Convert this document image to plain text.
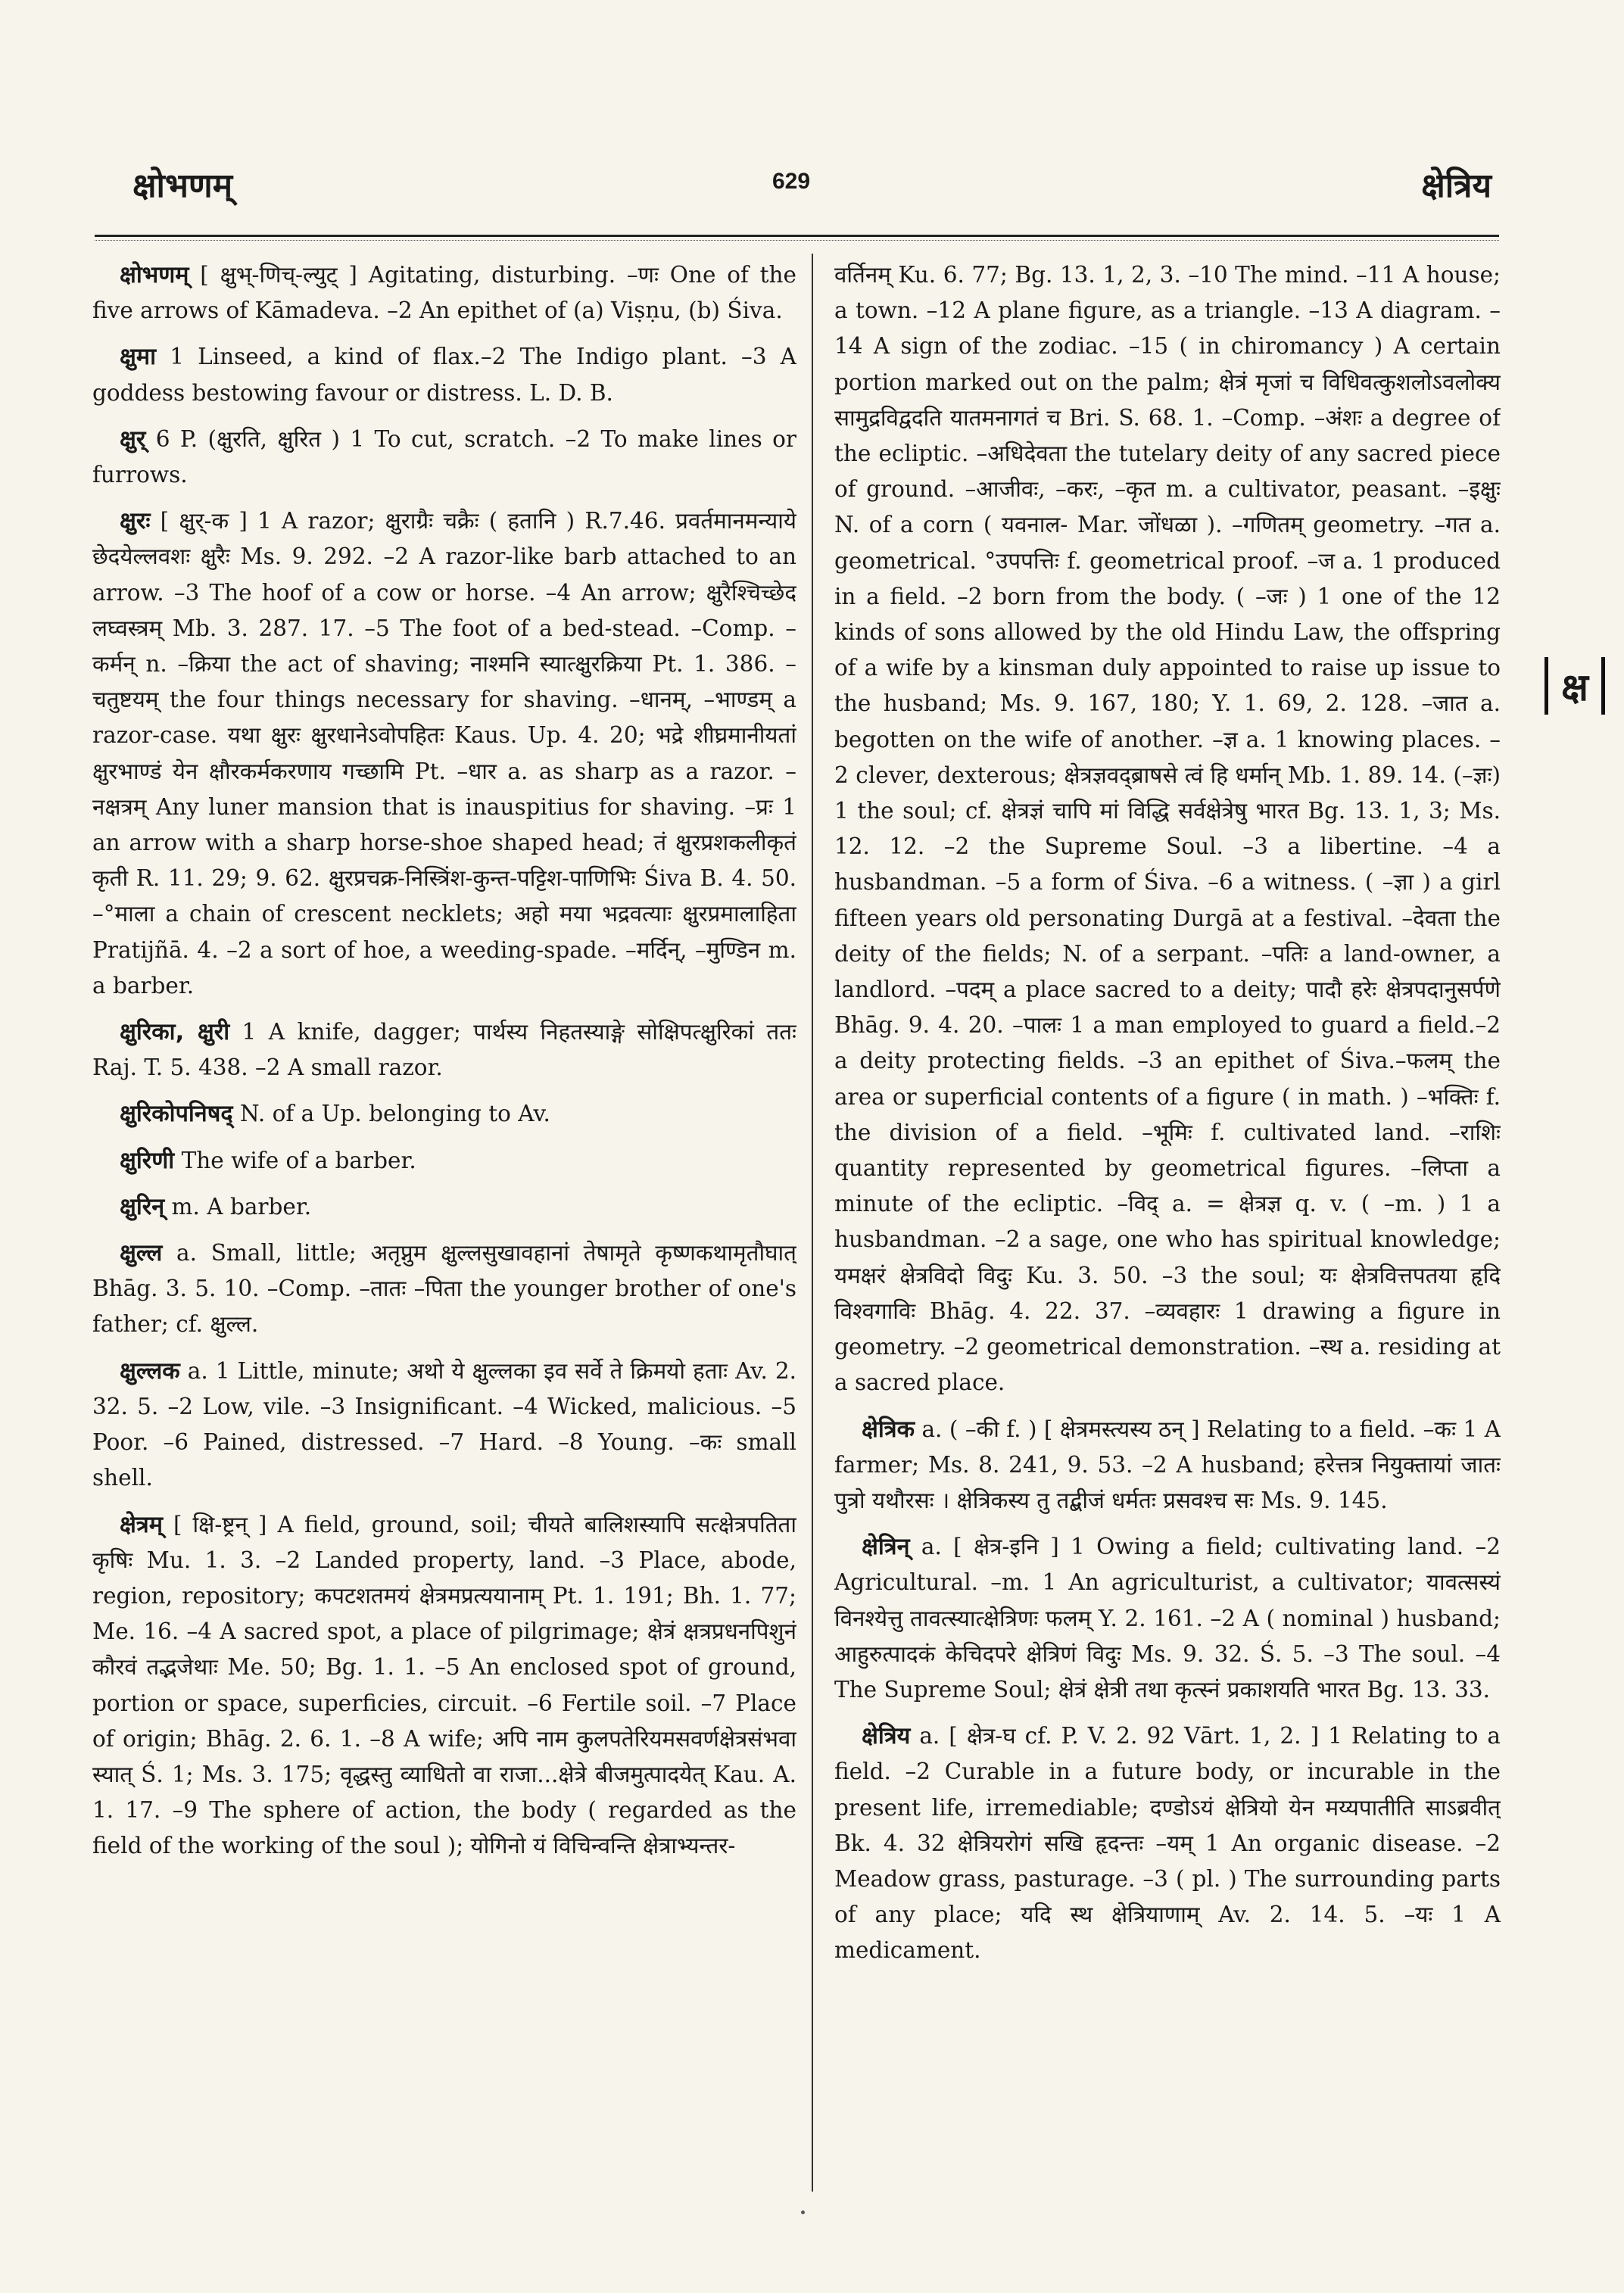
क्षोभणम्	629	क्षेत्रिय

क्षोभणम् [ क्षुभ्-णिच्-ल्युट् ] Agitating, disturbing. –णः One of the five arrows of Kāmadeva. –2 An epithet of (a) Viṣṇu, (b) Śiva.

क्षुमा 1 Linseed, a kind of flax.–2 The Indigo plant. –3 A goddess bestowing favour or distress. L. D. B.

क्षुर् 6 P. (क्षुरति, क्षुरित ) 1 To cut, scratch. –2 To make lines or furrows.

क्षुरः [ क्षुर्-क ] 1 A razor; क्षुराग्रैः चक्रैः ( हतानि ) R.7.46. प्रवर्तमानमन्याये छेदयेल्लवशः क्षुरैः Ms. 9. 292. –2 A razor-like barb attached to an arrow. –3 The hoof of a cow or horse. –4 An arrow; क्षुरैश्चिच्छेद लघ्वस्त्रम् Mb. 3. 287. 17. –5 The foot of a bed-stead. –Comp. –कर्मन् n. –क्रिया the act of shaving; नाश्मनि स्यात्क्षुरक्रिया Pt. 1. 386. –चतुष्टयम् the four things necessary for shaving. –धानम्, –भाण्डम् a razor-case. यथा क्षुरः क्षुरधानेऽवोपहितः Kaus. Up. 4. 20; भद्रे शीघ्रमानीयतां क्षुरभाण्डं येन क्षौरकर्मकरणाय गच्छामि Pt. –धार a. as sharp as a razor. –नक्षत्रम् Any luner mansion that is inauspitius for shaving. –प्रः 1 an arrow with a sharp horse-shoe shaped head; तं क्षुरप्रशकलीकृतं कृती R. 11. 29; 9. 62. क्षुरप्रचक्र-निस्त्रिंश-कुन्त-पट्टिश-पाणिभिः Śiva B. 4. 50. –°माला a chain of crescent necklets; अहो मया भद्रवत्याः क्षुरप्रमालाहिता Pratijñā. 4. –2 a sort of hoe, a weeding-spade. –मर्दिन्, –मुण्डिन m. a barber.

क्षुरिका, क्षुरी 1 A knife, dagger; पार्थस्य निहतस्याङ्गे सोक्षिपत्क्षुरिकां ततः Raj. T. 5. 438. –2 A small razor.

क्षुरिकोपनिषद् N. of a Up. belonging to Av.

क्षुरिणी The wife of a barber.

क्षुरिन् m. A barber.

क्षुल्ल a. Small, little; अतृप्नुम क्षुल्लसुखावहानां तेषामृते कृष्णकथामृतौघात् Bhāg. 3. 5. 10. –Comp. –तातः –पिता the younger brother of one's father; cf. क्षुल्ल.

क्षुल्लक a. 1 Little, minute; अथो ये क्षुल्लका इव सर्वे ते क्रिमयो हताः Av. 2. 32. 5. –2 Low, vile. –3 Insignificant. –4 Wicked, malicious. –5 Poor. –6 Pained, distressed. –7 Hard. –8 Young. –कः small shell.

क्षेत्रम् [ क्षि-ष्ट्रन् ] A field, ground, soil; चीयते बालिशस्यापि सत्क्षेत्रपतिता कृषिः Mu. 1. 3. –2 Landed property, land. –3 Place, abode, region, repository; कपटशतमयं क्षेत्रमप्रत्ययानाम् Pt. 1. 191; Bh. 1. 77; Me. 16. –4 A sacred spot, a place of pilgrimage; क्षेत्रं क्षत्रप्रधनपिशुनं कौरवं तद्भजेथाः Me. 50; Bg. 1. 1. –5 An enclosed spot of ground, portion or space, superficies, circuit. –6 Fertile soil. –7 Place of origin; Bhāg. 2. 6. 1. –8 A wife; अपि नाम कुलपतेरियमसवर्णक्षेत्रसंभवा स्यात् Ś. 1; Ms. 3. 175; वृद्धस्तु व्याधितो वा राजा...क्षेत्रे बीजमुत्पादयेत् Kau. A. 1. 17. –9 The sphere of action, the body ( regarded as the field of the working of the soul ); योगिनो यं विचिन्वन्ति क्षेत्राभ्यन्तर-

वर्तिनम् Ku. 6. 77; Bg. 13. 1, 2, 3. –10 The mind. –11 A house; a town. –12 A plane figure, as a triangle. –13 A diagram. –14 A sign of the zodiac. –15 ( in chiromancy ) A certain portion marked out on the palm; क्षेत्रं मृजां च विधिवत्कुशलोऽवलोक्य सामुद्रविद्वदति यातमनागतं च Bri. S. 68. 1. –Comp. –अंशः a degree of the ecliptic. –अधिदेवता the tutelary deity of any sacred piece of ground. –आजीवः, –करः, –कृत m. a cultivator, peasant. –इक्षुः N. of a corn ( यवनाल- Mar. जोंधळा ). –गणितम् geometry. –गत a. geometrical. °उपपत्तिः f. geometrical proof. –ज a. 1 produced in a field. –2 born from the body. ( –जः ) 1 one of the 12 kinds of sons allowed by the old Hindu Law, the offspring of a wife by a kinsman duly appointed to raise up issue to the husband; Ms. 9. 167, 180; Y. 1. 69, 2. 128. –जात a. begotten on the wife of another. –ज्ञ a. 1 knowing places. –2 clever, dexterous; क्षेत्रज्ञवद्ब्राषसे त्वं हि धर्मान् Mb. 1. 89. 14. (–ज्ञः) 1 the soul; cf. क्षेत्रज्ञं चापि मां विद्धि सर्वक्षेत्रेषु भारत Bg. 13. 1, 3; Ms. 12. 12. –2 the Supreme Soul. –3 a libertine. –4 a husbandman. –5 a form of Śiva. –6 a witness. ( –ज्ञा ) a girl fifteen years old personating Durgā at a festival. –देवता the deity of the fields; N. of a serpant. –पतिः a land-owner, a landlord. –पदम् a place sacred to a deity; पादौ हरेः क्षेत्रपदानुसर्पणे Bhāg. 9. 4. 20. –पालः 1 a man employed to guard a field.–2 a deity protecting fields. –3 an epithet of Śiva.–फलम् the area or superficial contents of a figure ( in math. ) –भक्तिः f. the division of a field. –भूमिः f. cultivated land. –राशिः quantity represented by geometrical figures. –लिप्ता a minute of the ecliptic. –विद् a. = क्षेत्रज्ञ q. v. ( –m. ) 1 a husbandman. –2 a sage, one who has spiritual knowledge; यमक्षरं क्षेत्रविदो विदुः Ku. 3. 50. –3 the soul; यः क्षेत्रवित्तपतया हृदि विश्वगाविः Bhāg. 4. 22. 37. –व्यवहारः 1 drawing a figure in geometry. –2 geometrical demonstration. –स्थ a. residing at a sacred place.

क्षेत्रिक a. ( –की f. ) [ क्षेत्रमस्त्यस्य ठन् ] Relating to a field. –कः 1 A farmer; Ms. 8. 241, 9. 53. –2 A husband; हरेत्तत्र नियुक्तायां जातः पुत्रो यथौरसः । क्षेत्रिकस्य तु तद्बीजं धर्मतः प्रसवश्च सः Ms. 9. 145.

क्षेत्रिन् a. [ क्षेत्र-इनि ] 1 Owing a field; cultivating land. –2 Agricultural. –m. 1 An agriculturist, a cultivator; यावत्सस्यं विनश्येत्तु तावत्स्यात्क्षेत्रिणः फलम् Y. 2. 161. –2 A ( nominal ) husband; आहुरुत्पादकं केचिदपरे क्षेत्रिणं विदुः Ms. 9. 32. Ś. 5. –3 The soul. –4 The Supreme Soul; क्षेत्रं क्षेत्री तथा कृत्स्नं प्रकाशयति भारत Bg. 13. 33.

क्षेत्रिय a. [ क्षेत्र-घ cf. P. V. 2. 92 Vārt. 1, 2. ] 1 Relating to a field. –2 Curable in a future body, or incurable in the present life, irremediable; दण्डोऽयं क्षेत्रियो येन मय्यपातीति साऽब्रवीत् Bk. 4. 32 क्षेत्रियरोगं सखि हृदन्तः –यम् 1 An organic disease. –2 Meadow grass, pasturage. –3 ( pl. ) The surrounding parts of any place; यदि स्थ क्षेत्रियाणाम् Av. 2. 14. 5. –यः 1 A medicament.

क्ष
